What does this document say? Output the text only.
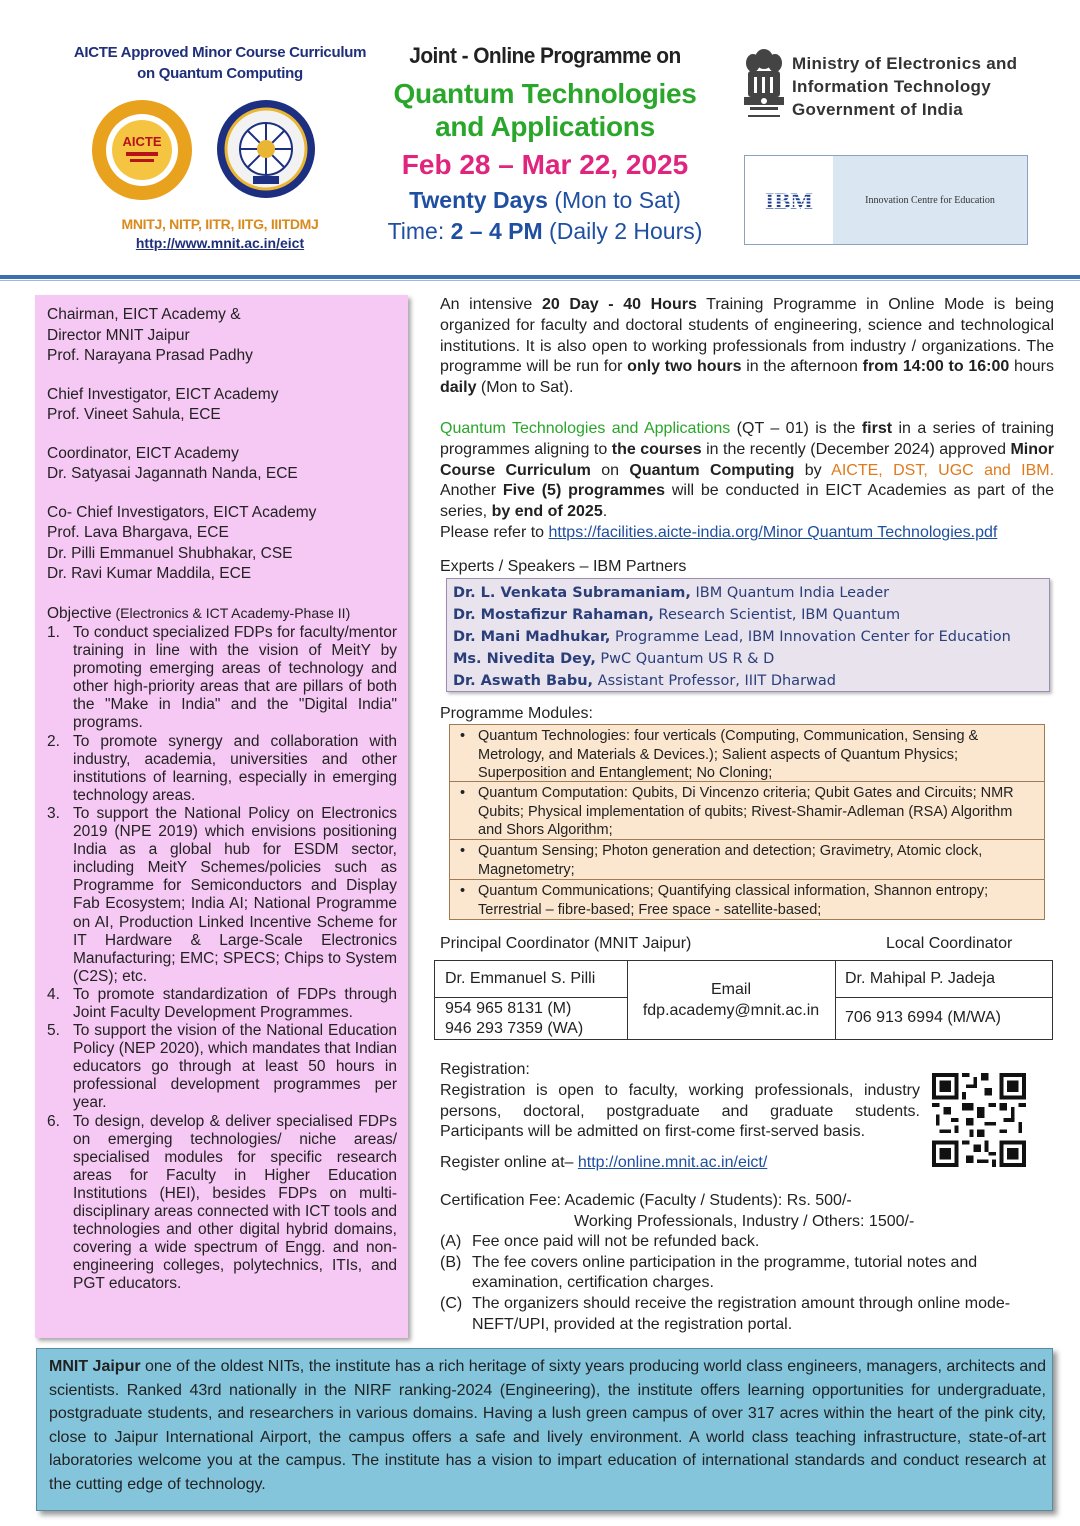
AICTE Approved Minor Course Curriculum
on Quantum Computing
AICTE
MNITJ, NITP, IITR, IITG, IIITDMJ
http://www.mnit.ac.in/eict
Joint - Online Programme on
Quantum Technologies
and Applications
Feb 28 – Mar 22, 2025
Twenty Days (Mon to Sat)
Time: 2 – 4 PM (Daily 2 Hours)
Ministry of Electronics and
Information Technology
Government of India
IBM	Innovation Centre for Education
Chairman, EICT Academy &
Director MNIT Jaipur
Prof. Narayana Prasad Padhy
Chief Investigator, EICT Academy
Prof. Vineet Sahula, ECE
Coordinator, EICT Academy
Dr. Satyasai Jagannath Nanda, ECE
Co- Chief Investigators, EICT Academy
Prof. Lava Bhargava, ECE
Dr. Pilli Emmanuel Shubhakar, CSE
Dr. Ravi Kumar Maddila, ECE
Objective (Electronics & ICT Academy-Phase II)
1. To conduct specialized FDPs for faculty/mentor training in line with the vision of MeitY by promoting emerging areas of technology and other high-priority areas that are pillars of both the "Make in India" and the "Digital India" programs.
2. To promote synergy and collaboration with industry, academia, universities and other institutions of learning, especially in emerging technology areas.
3. To support the National Policy on Electronics 2019 (NPE 2019) which envisions positioning India as a global hub for ESDM sector, including MeitY Schemes/policies such as Programme for Semiconductors and Display Fab Ecosystem; India AI; National Programme on AI, Production Linked Incentive Scheme for IT Hardware & Large-Scale Electronics Manufacturing; EMC; SPECS; Chips to System (C2S); etc.
4. To promote standardization of FDPs through Joint Faculty Development Programmes.
5. To support the vision of the National Education Policy (NEP 2020), which mandates that Indian educators go through at least 50 hours in professional development programmes per year.
6. To design, develop & deliver specialised FDPs on emerging technologies/ niche areas/ specialised modules for specific research areas for Faculty in Higher Education Institutions (HEI), besides FDPs on multi-disciplinary areas connected with ICT tools and technologies and other digital hybrid domains, covering a wide spectrum of Engg. and non-engineering colleges, polytechnics, ITIs, and PGT educators.
An intensive 20 Day - 40 Hours Training Programme in Online Mode is being organized for faculty and doctoral students of engineering, science and technological institutions. It is also open to working professionals from industry / organizations. The programme will be run for only two hours in the afternoon from 14:00 to 16:00 hours daily (Mon to Sat).
Quantum Technologies and Applications (QT – 01) is the first in a series of training programmes aligning to the courses in the recently (December 2024) approved Minor Course Curriculum on Quantum Computing by AICTE, DST, UGC and IBM. Another Five (5) programmes will be conducted in EICT Academies as part of the series, by end of 2025.
Please refer to https://facilities.aicte-india.org/Minor Quantum Technologies.pdf
Experts / Speakers – IBM Partners
Dr. L. Venkata Subramaniam, IBM Quantum India Leader
Dr. Mostafizur Rahaman, Research Scientist, IBM Quantum
Dr. Mani Madhukar, Programme Lead, IBM Innovation Center for Education
Ms. Nivedita Dey, PwC Quantum US R & D
Dr. Aswath Babu, Assistant Professor, IIIT Dharwad
Programme Modules:
• Quantum Technologies: four verticals (Computing, Communication, Sensing & Metrology, and Materials & Devices.); Salient aspects of Quantum Physics; Superposition and Entanglement; No Cloning;
• Quantum Computation: Qubits, Di Vincenzo criteria; Qubit Gates and Circuits; NMR Qubits; Physical implementation of qubits; Rivest-Shamir-Adleman (RSA) Algorithm and Shors Algorithm;
• Quantum Sensing; Photon generation and detection; Gravimetry, Atomic clock, Magnetometry;
• Quantum Communications; Quantifying classical information, Shannon entropy; Terrestrial – fibre-based; Free space - satellite-based;
Principal Coordinator (MNIT Jaipur)	Local Coordinator
Dr. Emmanuel S. Pilli
954 965 8131 (M)
946 293 7359 (WA)
Email
fdp.academy@mnit.ac.in
Dr. Mahipal P. Jadeja
706 913 6994 (M/WA)
Registration:
Registration is open to faculty, working professionals, industry persons, doctoral, postgraduate and graduate students. Participants will be admitted on first-come first-served basis.
Register online at– http://online.mnit.ac.in/eict/
Certification Fee: Academic (Faculty / Students): Rs. 500/-
Working Professionals, Industry / Others: 1500/-
(A) Fee once paid will not be refunded back.
(B) The fee covers online participation in the programme, tutorial notes and examination, certification charges.
(C) The organizers should receive the registration amount through online mode-NEFT/UPI, provided at the registration portal.
MNIT Jaipur one of the oldest NITs, the institute has a rich heritage of sixty years producing world class engineers, managers, architects and scientists. Ranked 43rd nationally in the NIRF ranking-2024 (Engineering), the institute offers learning opportunities for undergraduate, postgraduate students, and researchers in various domains. Having a lush green campus of over 317 acres within the heart of the pink city, close to Jaipur International Airport, the campus offers a safe and lively environment. A world class teaching infrastructure, state-of-art laboratories welcome you at the campus. The institute has a vision to impart education of international standards and conduct research at the cutting edge of technology.
